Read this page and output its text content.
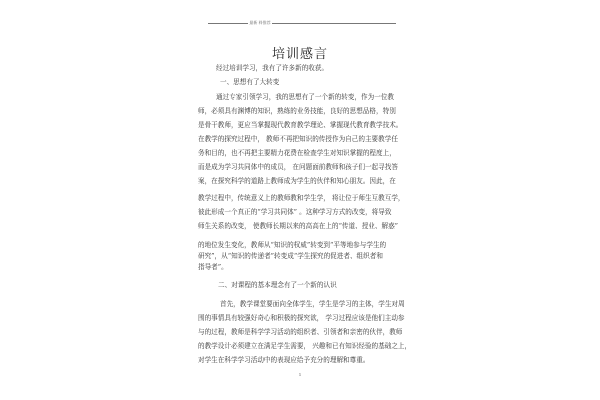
最新 料推荐
培训感言
经过培训学习，我有了许多新的收获。
一、思想有了大转变
通过专家引领学习，我的思想有了一个新的转变，作为一位教
师，必须具有渊博的知识，熟练的业务技能，良好的思想品格，特别
是骨干教师，更应当掌握现代教育教学理论、掌握现代教育教学技术。
在教学的探究过程中， 教师不再把知识的传授作为自己的主要教学任
务和目的，也不再把主要精力花费在检查学生对知识掌握的程度上，
而是成为学习共同体中的成员， 在问题面前教师和孩子们一起寻找答
案，在探究科学的道路上教师成为学生的伙伴和知心朋友。因此，在
教学过程中，传统意义上的教师教和学生学， 将让位于师生互教互学，
彼此形成一个真正的“学习共同体” 。这种学习方式的改变，将导致
师生关系的改变， 使教师长期以来的高高在上的“传道、授业、解惑”
的地位发生变化，教师从“知识的权威”转变到“平等地参与学生的
研究”，从“知识的传递者”转变成“学生探究的促进者、组织者和
指导者”。
二、对课程的基本理念有了一个新的认识
首先，教学课堂要面向全体学生，学生是学习的主体，学生对周
围的事情具有较强好奇心和积极的探究欲， 学习过程应该是他们主动参
与的过程，教师是科学学习活动的组织者、引领者和亲密的伙伴，教师
的教学设计必须建立在满足学生需要， 兴趣和已有知识经验的基础之上，
对学生在科学学习活动中的表现应给予充分的理解和尊重。
1
